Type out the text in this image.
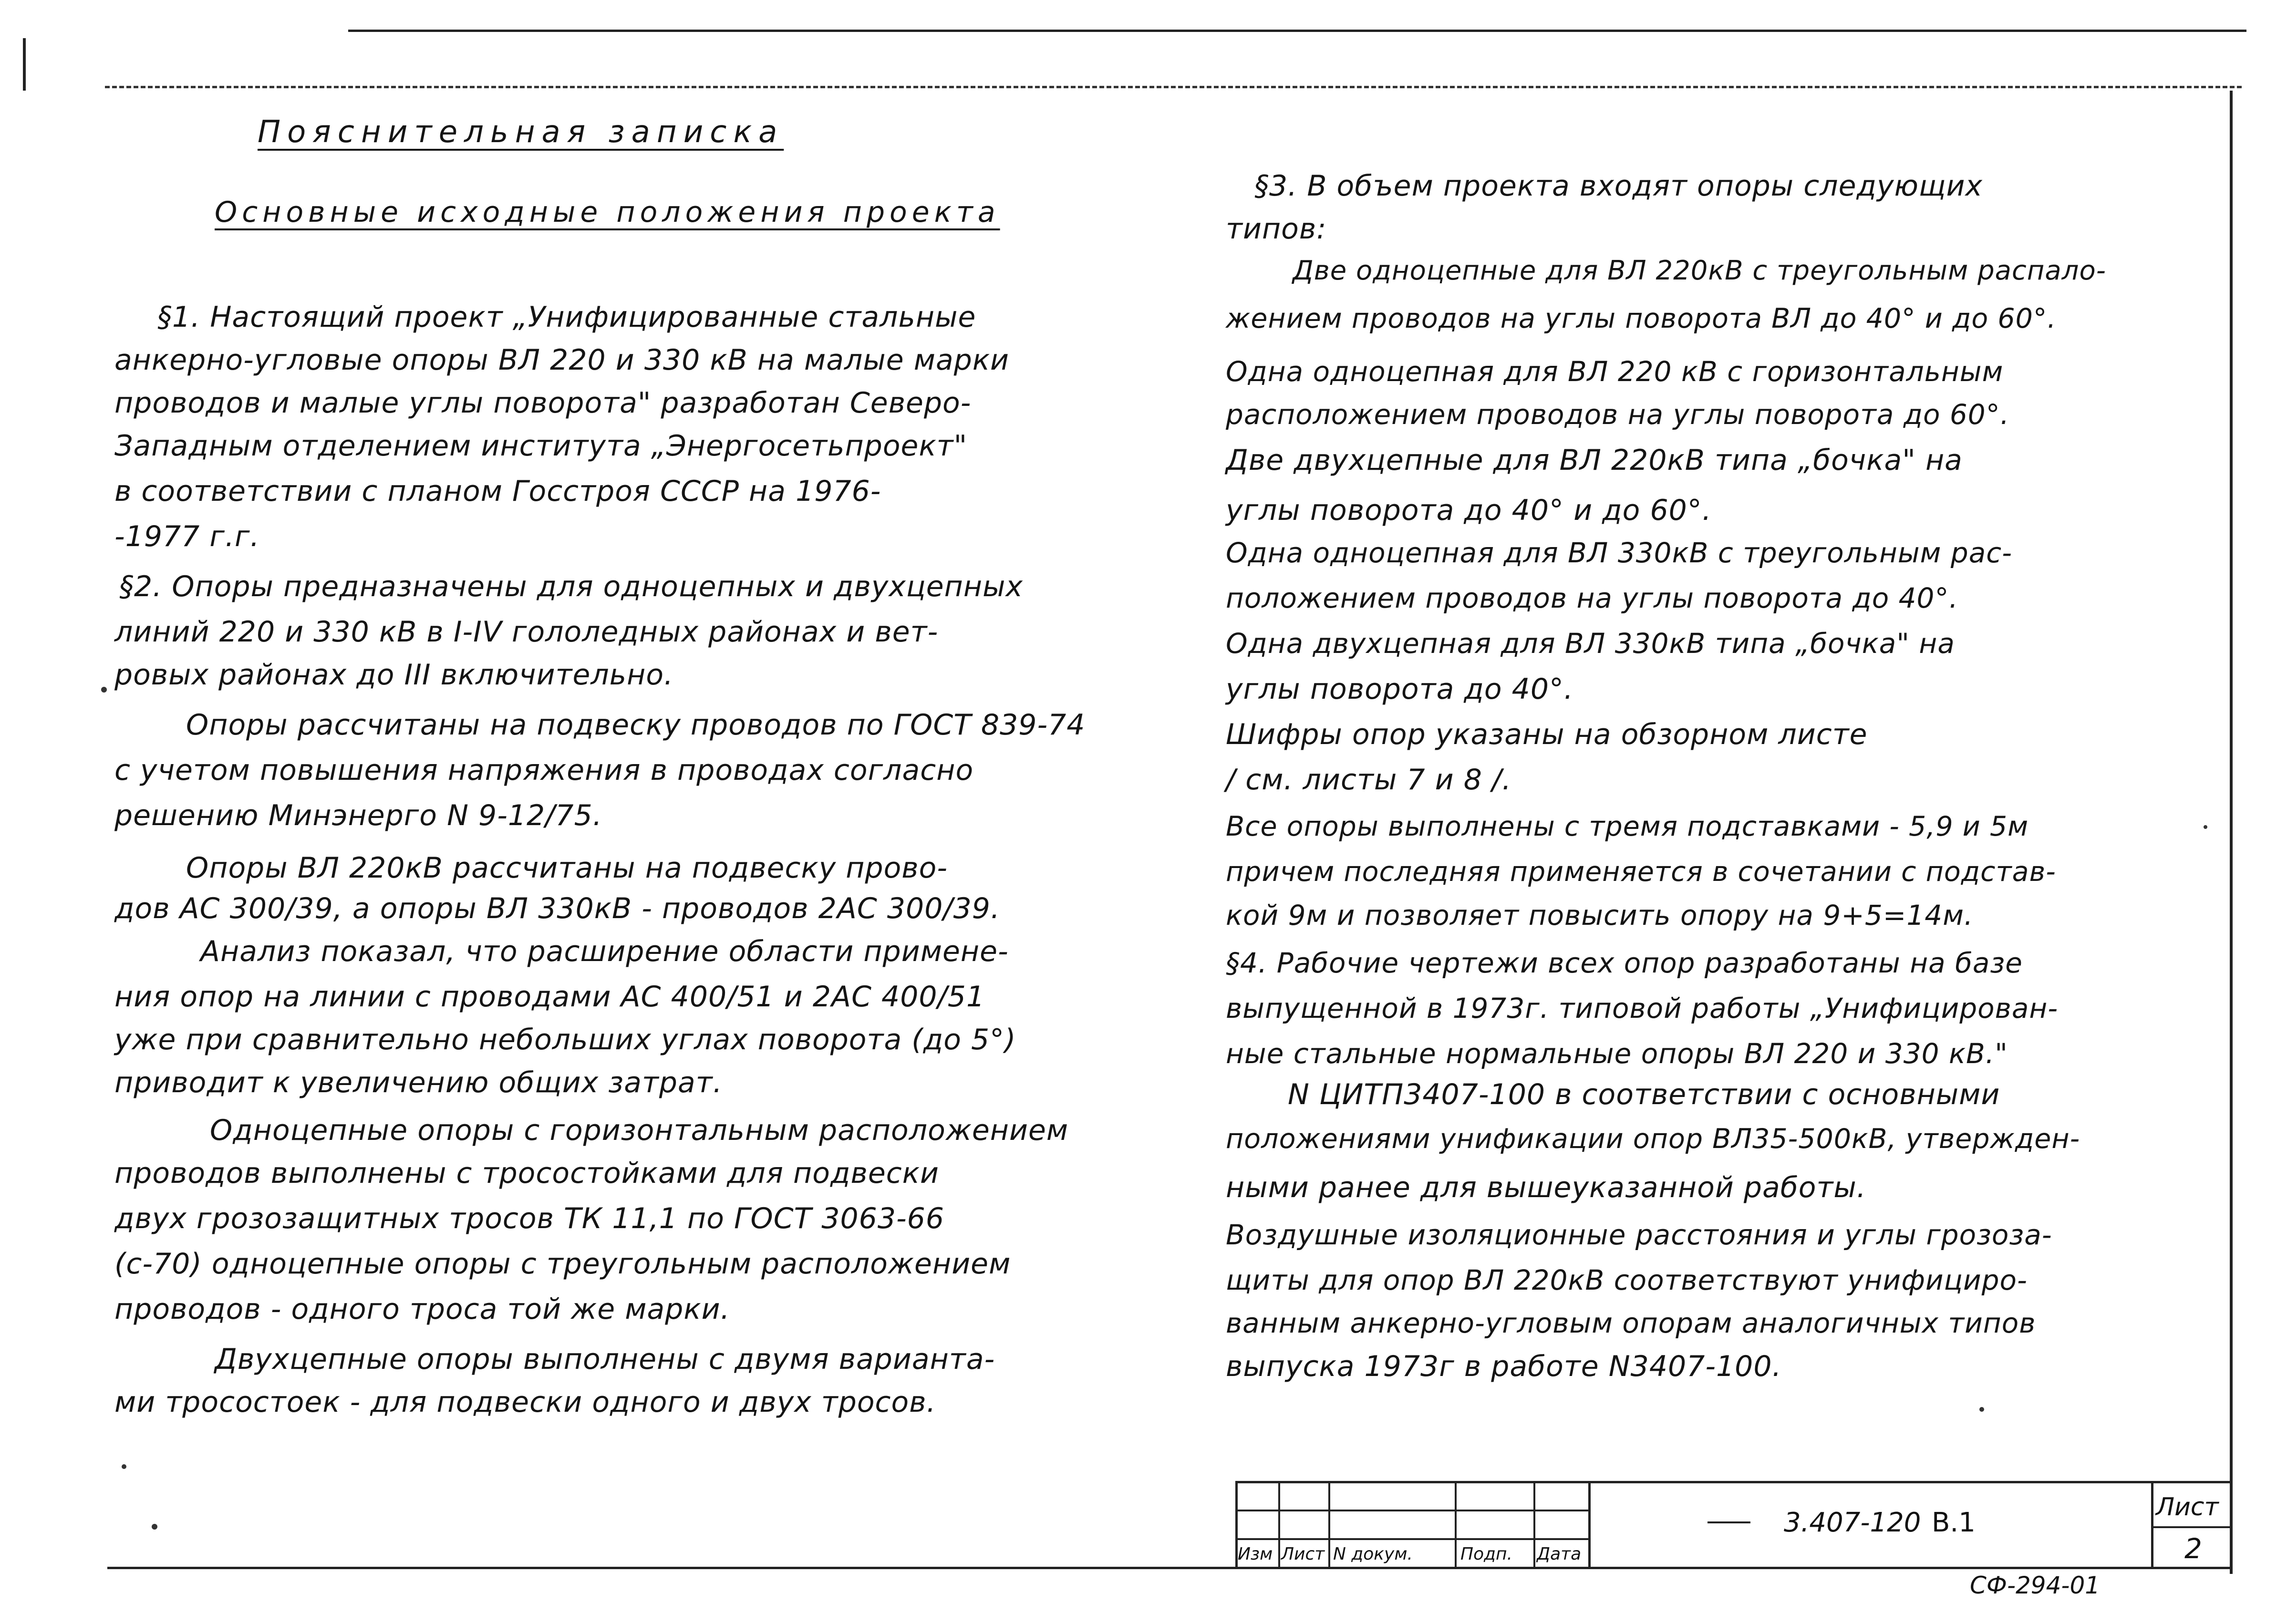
Пояснительная записка
Основные исходные положения проекта
§1. Настоящий проект „Унифицированные стальные
анкерно-угловые опоры ВЛ 220 и 330 кВ на малые марки
проводов и малые углы поворота" разработан Северо-
Западным отделением института „Энергосетьпроект"
в соответствии с планом Госстроя СССР на 1976-
-1977 г.г.
§2. Опоры предназначены для одноцепных и двухцепных
линий 220 и 330 кВ в I-IV гололедных районах и вет-
ровых районах до III включительно.
Опоры рассчитаны на подвеску проводов по ГОСТ 839-74
с учетом повышения напряжения в проводах согласно
решению Минэнерго N 9-12/75.
Опоры ВЛ 220кВ рассчитаны на подвеску прово-
дов АС 300/39, а опоры ВЛ 330кВ - проводов 2АС 300/39.
Анализ показал, что расширение области примене-
ния опор на линии с проводами АС 400/51 и 2АС 400/51
уже при сравнительно небольших углах поворота (до 5°)
приводит к увеличению общих затрат.
Одноцепные опоры с горизонтальным расположением
проводов выполнены с тросостойками для подвески
двух грозозащитных тросов ТК 11,1 по ГОСТ 3063-66
(с-70) одноцепные опоры с треугольным расположением
проводов - одного троса той же марки.
Двухцепные опоры выполнены с двумя варианта-
ми тросостоек - для подвески одного и двух тросов.
§3. В объем проекта входят опоры следующих
типов:
Две одноцепные для ВЛ 220кВ с треугольным распало-
жением проводов на углы поворота ВЛ до 40° и до 60°.
Одна одноцепная для ВЛ 220 кВ с горизонтальным
расположением проводов на углы поворота до 60°.
Две двухцепные для ВЛ 220кВ типа „бочка" на
углы поворота до 40° и до 60°.
Одна одноцепная для ВЛ 330кВ с треугольным рас-
положением проводов на углы поворота до 40°.
Одна двухцепная для ВЛ 330кВ типа „бочка" на
углы поворота до 40°.
Шифры опор указаны на обзорном листе
/ см. листы 7 и 8 /.
Все опоры выполнены с тремя подставками - 5,9 и 5м
причем последняя применяется в сочетании с подстав-
кой 9м и позволяет повысить опору на 9+5=14м.
§4. Рабочие чертежи всех опор разработаны на базе
выпущенной в 1973г. типовой работы „Унифицирован-
ные стальные нормальные опоры ВЛ 220 и 330 кВ."
N ЦИТП3407-100 в соответствии с основными
положениями унификации опор ВЛ35-500кВ, утвержден-
ными ранее для вышеуказанной работы.
Воздушные изоляционные расстояния и углы грозоза-
щиты для опор ВЛ 220кВ соответствуют унифициро-
ванным анкерно-угловым опорам аналогичных типов
выпуска 1973г в работе N3407-100.
Изм Лист N докум.	Подп. Дата
3.407-120 В.1	Лист
2
СФ-294-01
